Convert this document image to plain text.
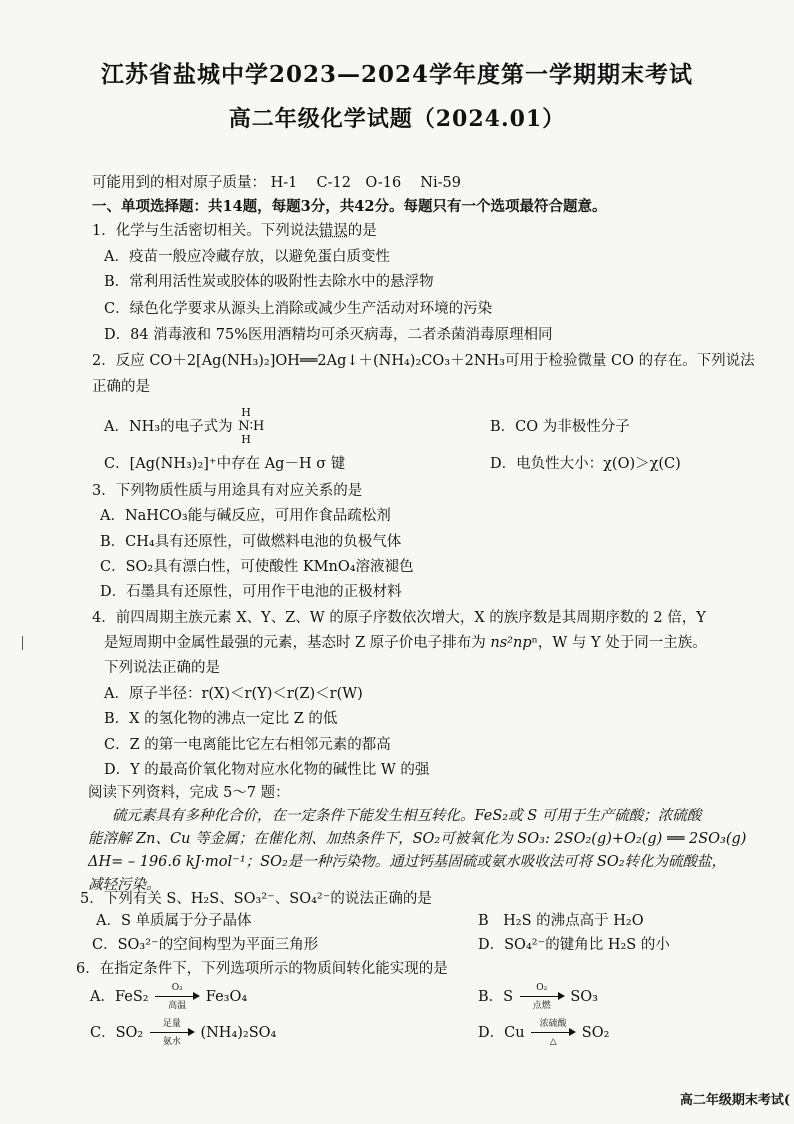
江苏省盐城中学2023—2024学年度第一学期期末考试
高二年级化学试题（2024.01）
可能用到的相对原子质量： H-1　 C-12　O-16　 Ni-59
一、单项选择题：共14题，每题3分，共42分。每题只有一个选项最符合题意。
1．化学与生活密切相关。下列说法错误的是
A．疫苗一般应冷藏存放，以避免蛋白质变性
B．常利用活性炭或胶体的吸附性去除水中的悬浮物
C．绿色化学要求从源头上消除或减少生产活动对环境的污染
D．84 消毒液和 75%医用酒精均可杀灭病毒，二者杀菌消毒原理相同
2．反应 CO＋2[Ag(NH₃)₂]OH══2Ag↓＋(NH₄)₂CO₃＋2NH₃可用于检验微量 CO 的存在。下列说法
正确的是
A．NH₃的电子式为
H
N∶H
H
B．CO 为非极性分子
C．[Ag(NH₃)₂]⁺中存在 Ag－H σ 键	D．电负性大小：χ(O)＞χ(C)
3．下列物质性质与用途具有对应关系的是
A．NaHCO₃能与碱反应，可用作食品疏松剂
B．CH₄具有还原性，可做燃料电池的负极气体
C．SO₂具有漂白性，可使酸性 KMnO₄溶液褪色
D．石墨具有还原性，可用作干电池的正极材料
4．前四周期主族元素 X、Y、Z、W 的原子序数依次增大，X 的族序数是其周期序数的 2 倍，Y
是短周期中金属性最强的元素，基态时 Z 原子价电子排布为 ns²npⁿ，W 与 Y 处于同一主族。
下列说法正确的是
A．原子半径：r(X)＜r(Y)＜r(Z)＜r(W)
B．X 的氢化物的沸点一定比 Z 的低
C．Z 的第一电离能比它左右相邻元素的都高
D．Y 的最高价氧化物对应水化物的碱性比 W 的强
阅读下列资料，完成 5～7 题：
硫元素具有多种化合价，在一定条件下能发生相互转化。FeS₂或 S 可用于生产硫酸；浓硫酸
能溶解 Zn、Cu 等金属；在催化剂、加热条件下，SO₂可被氧化为 SO₃: 2SO₂(g)+O₂(g) ══ 2SO₃(g)
ΔH= – 196.6 kJ·mol⁻¹；SO₂是一种污染物。通过钙基固硫或氨水吸收法可将 SO₂转化为硫酸盐，
减轻污染。
5．下列有关 S、H₂S、SO₃²⁻、SO₄²⁻的说法正确的是
A．S 单质属于分子晶体	B　H₂S 的沸点高于 H₂O
C．SO₃²⁻的空间构型为平面三角形	D．SO₄²⁻的键角比 H₂S 的小
6．在指定条件下，下列选项所示的物质间转化能实现的是
A．FeS₂
O₂
高温
Fe₃O₄	B．S
O₂
点燃
SO₃
C．SO₂
足量
氨水
(NH₄)₂SO₄	D．Cu
浓硫酸
△
SO₂
高二年级期末考试(
